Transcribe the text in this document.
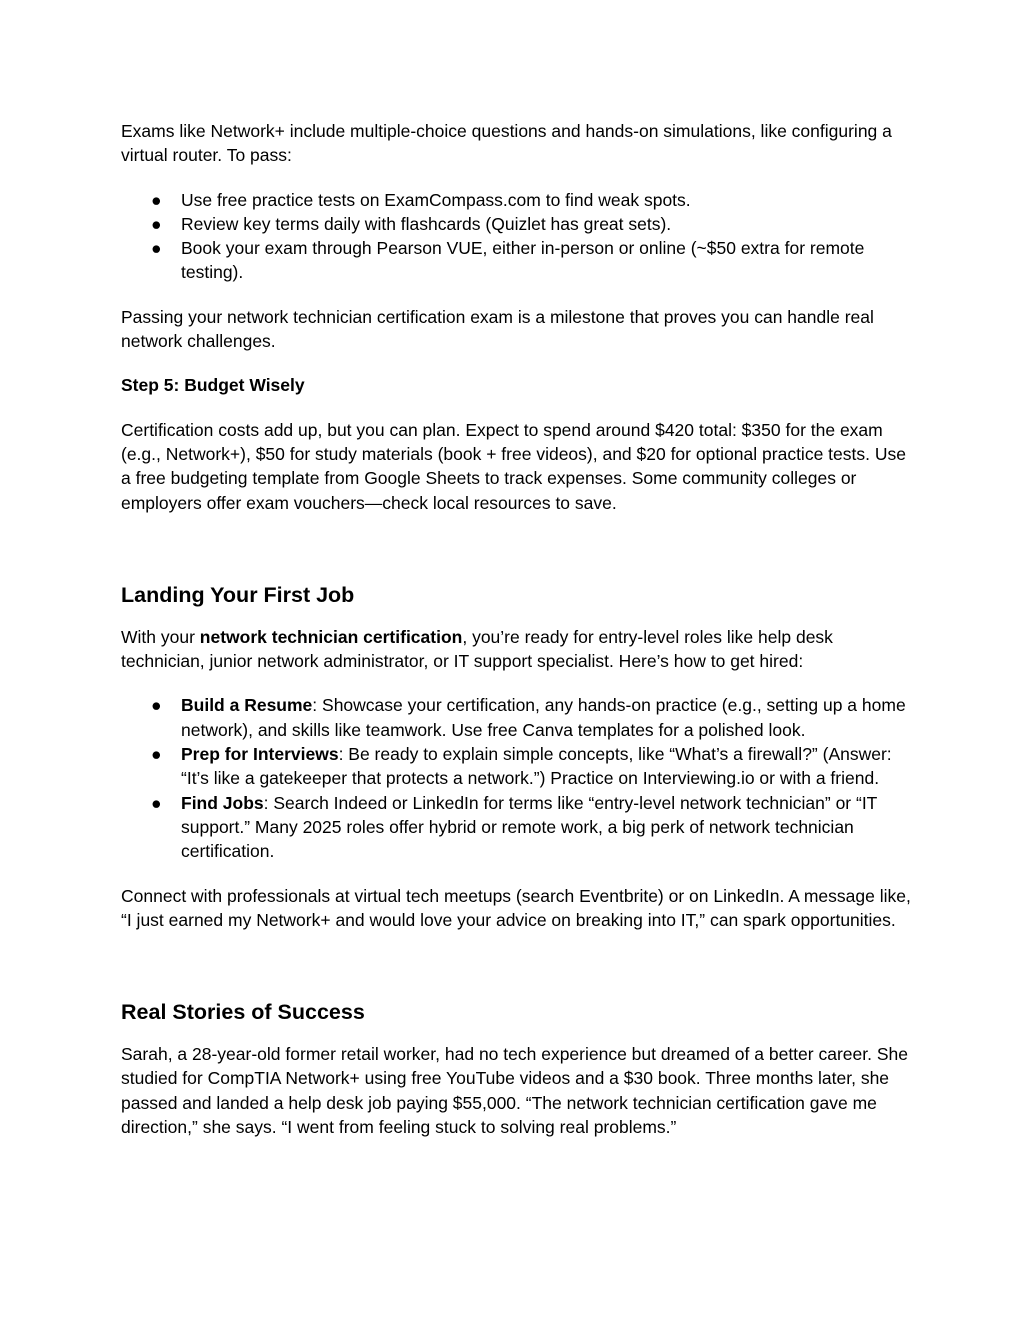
Exams like Network+ include multiple-choice questions and hands-on simulations, like configuring a virtual router. To pass:

● Use free practice tests on ExamCompass.com to find weak spots.
● Review key terms daily with flashcards (Quizlet has great sets).
● Book your exam through Pearson VUE, either in-person or online (~$50 extra for remote testing).

Passing your network technician certification exam is a milestone that proves you can handle real network challenges.

Step 5: Budget Wisely

Certification costs add up, but you can plan. Expect to spend around $420 total: $350 for the exam (e.g., Network+), $50 for study materials (book + free videos), and $20 for optional practice tests. Use a free budgeting template from Google Sheets to track expenses. Some community colleges or employers offer exam vouchers—check local resources to save.

Landing Your First Job

With your network technician certification, you’re ready for entry-level roles like help desk technician, junior network administrator, or IT support specialist. Here’s how to get hired:

● Build a Resume: Showcase your certification, any hands-on practice (e.g., setting up a home network), and skills like teamwork. Use free Canva templates for a polished look.
● Prep for Interviews: Be ready to explain simple concepts, like “What’s a firewall?” (Answer: “It’s like a gatekeeper that protects a network.”) Practice on Interviewing.io or with a friend.
● Find Jobs: Search Indeed or LinkedIn for terms like “entry-level network technician” or “IT support.” Many 2025 roles offer hybrid or remote work, a big perk of network technician certification.

Connect with professionals at virtual tech meetups (search Eventbrite) or on LinkedIn. A message like, “I just earned my Network+ and would love your advice on breaking into IT,” can spark opportunities.

Real Stories of Success

Sarah, a 28-year-old former retail worker, had no tech experience but dreamed of a better career. She studied for CompTIA Network+ using free YouTube videos and a $30 book. Three months later, she passed and landed a help desk job paying $55,000. “The network technician certification gave me direction,” she says. “I went from feeling stuck to solving real problems.”
